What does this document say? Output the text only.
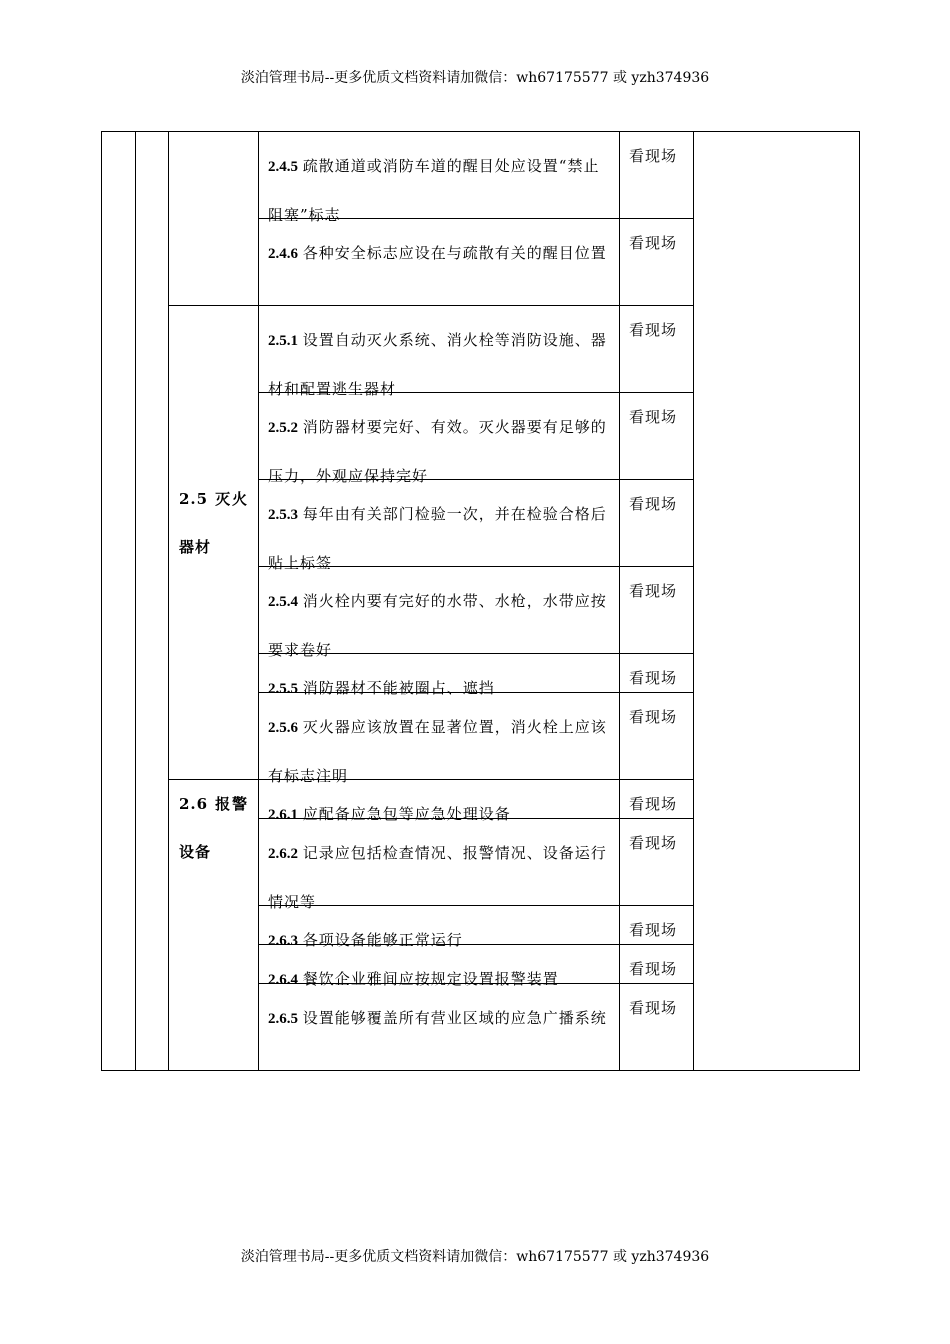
淡泊管理书局--更多优质文档资料请加微信：wh67175577 或 yzh374936

			2.4.5 疏散通道或消防车道的醒目处应设置“禁止阻塞”标志	看现场	

			2.4.6 各种安全标志应设在与疏散有关的醒目位置	看现场	

		2.5 灭火器材	2.5.1 设置自动灭火系统、消火栓等消防设施、器材和配置逃生器材	看现场	

			2.5.2 消防器材要完好、有效。灭火器要有足够的压力，外观应保持完好	看现场	

			2.5.3 每年由有关部门检验一次，并在检验合格后贴上标签	看现场	

			2.5.4 消火栓内要有完好的水带、水枪，水带应按要求卷好	看现场	

			2.5.5 消防器材不能被圈占、遮挡	看现场	

			2.5.6 灭火器应该放置在显著位置，消火栓上应该有标志注明	看现场	

		2.6 报警设备	2.6.1 应配备应急包等应急处理设备	看现场	

			2.6.2 记录应包括检查情况、报警情况、设备运行情况等	看现场	

			2.6.3 各项设备能够正常运行	看现场	

			2.6.4 餐饮企业雅间应按规定设置报警装置	看现场	

			2.6.5 设置能够覆盖所有营业区域的应急广播系统	看现场	
淡泊管理书局--更多优质文档资料请加微信：wh67175577 或 yzh374936
